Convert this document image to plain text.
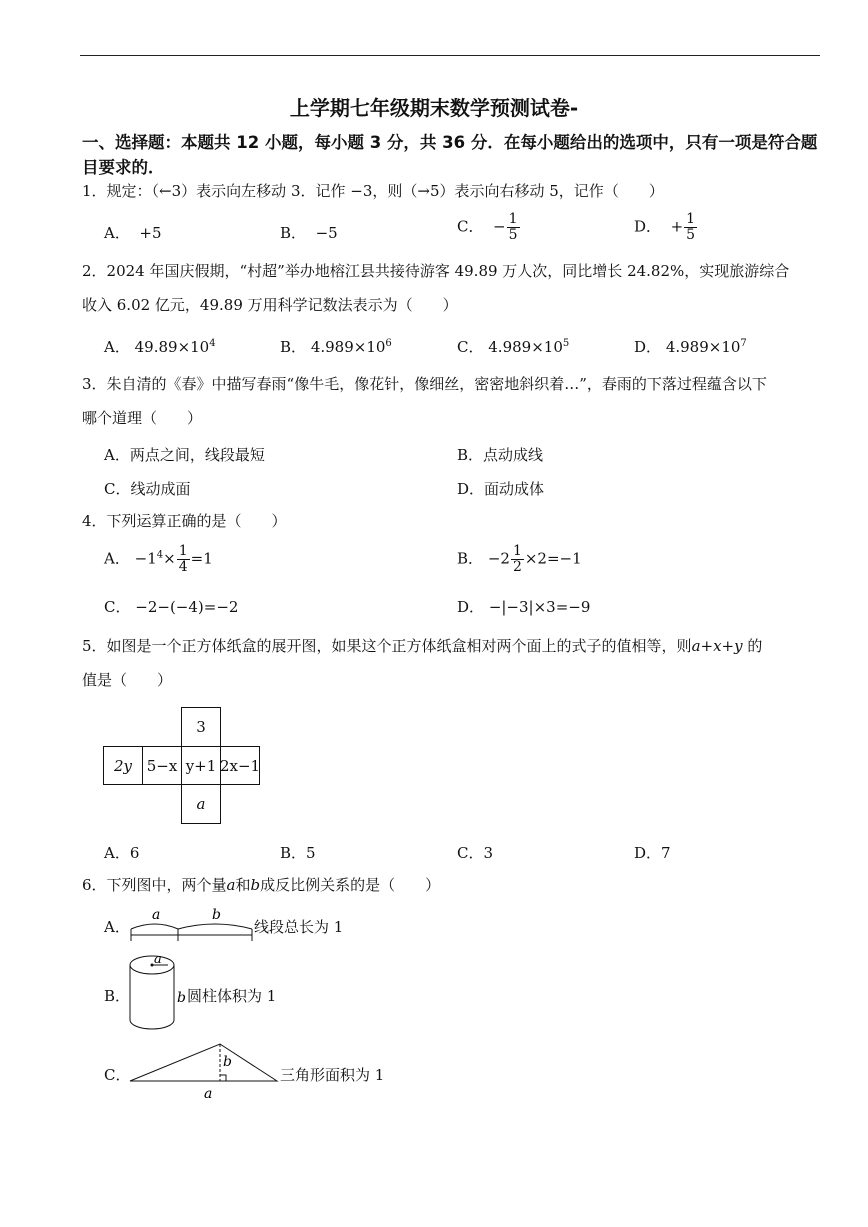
上学期七年级期末数学预测试卷-
一、选择题：本题共 12 小题，每小题 3 分，共 36 分．在每小题给出的选项中，只有一项是符合题目要求的．
1．规定：（←3）表示向左移动 3．记作 −3，则（→5）表示向右移动 5，记作（　　）
A． +5	B． −5	C． − $\frac{1}{5}$	D． + $\frac{1}{5}$
2．2024 年国庆假期，“村超”举办地榕江县共接待游客 49.89 万人次，同比增长 24.82%，实现旅游综合
收入 6.02 亿元，49.89 万用科学记数法表示为（　　）
A． $49.89\times 10^4$	B． $4.989\times 10^6$	C． $4.989\times 10^5$	D． $4.989\times 10^7$
3．朱自清的《春》中描写春雨“像牛毛，像花针，像细丝，密密地斜织着…”，春雨的下落过程蕴含以下
哪个道理（　　）
A．两点之间，线段最短	B．点动成线
C．线动成面	D．面动成体
4．下列运算正确的是（　　）
A． $-1^4\times \frac{1}{4} =1$	B． $-2 \frac{1}{2} \times 2=-1$
C． −2−(−4)=−2	D． −|−3|×3=−9
5．如图是一个正方体纸盒的展开图，如果这个正方体纸盒相对两个面上的式子的值相等，则a+x+y 的
值是（　　）
3
2y 5−x y+1 2x−1
a
A．6	B．5	C．3	D．7
6．下列图中，两个量a和b成反比例关系的是（　　）
A．
a	b
线段总长为 1
B．
a
b 圆柱体积为 1
C．
b
a
三角形面积为 1
